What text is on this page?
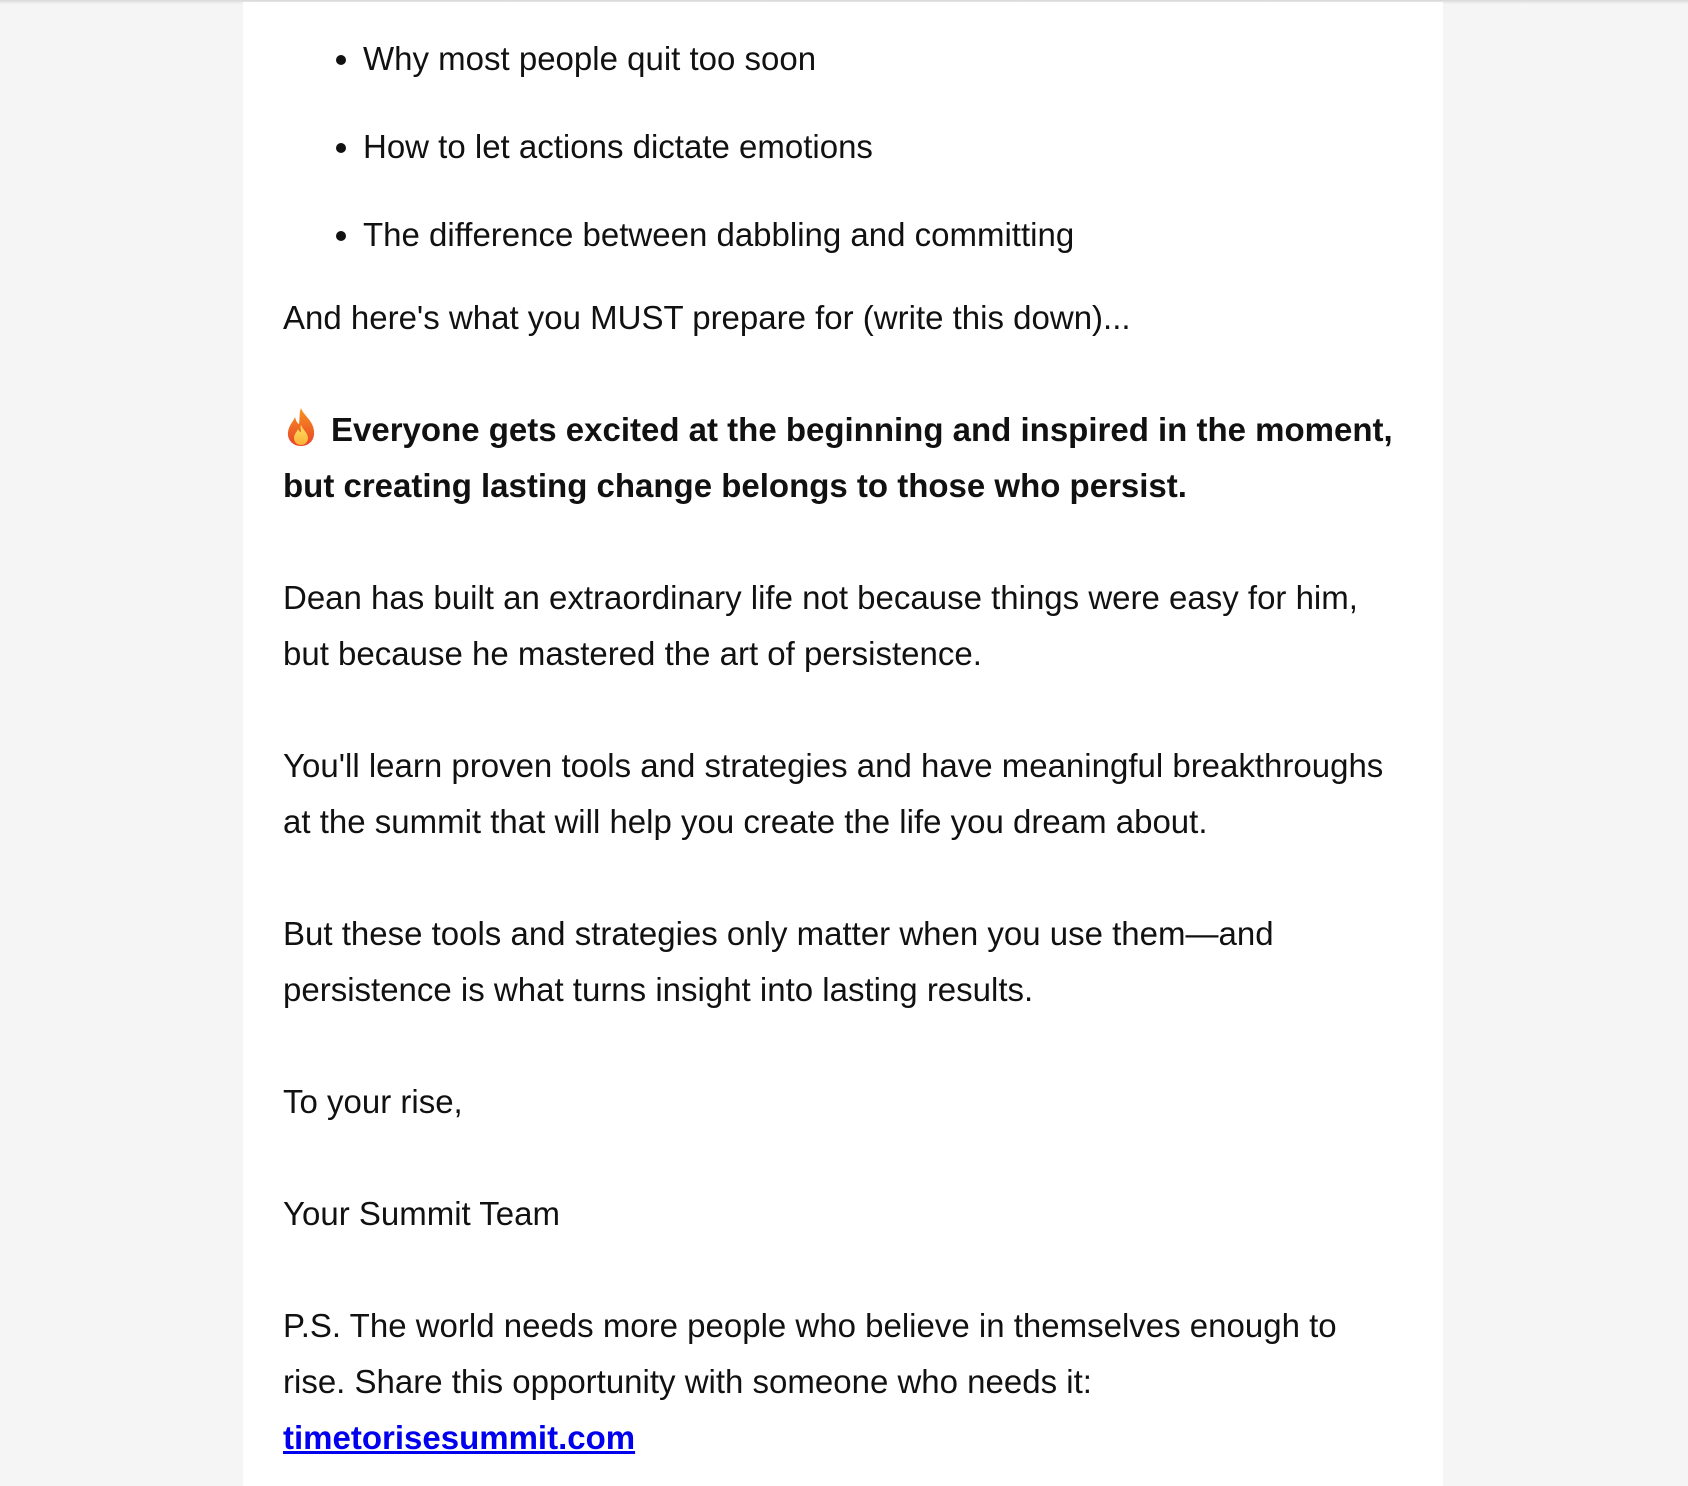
• Why most people quit too soon
• How to let actions dictate emotions
• The difference between dabbling and committing

And here's what you MUST prepare for (write this down)...

Everyone gets excited at the beginning and inspired in the moment, but creating lasting change belongs to those who persist.

Dean has built an extraordinary life not because things were easy for him, but because he mastered the art of persistence.

You'll learn proven tools and strategies and have meaningful breakthroughs at the summit that will help you create the life you dream about.

But these tools and strategies only matter when you use them—and persistence is what turns insight into lasting results.

To your rise,

Your Summit Team

P.S. The world needs more people who believe in themselves enough to rise. Share this opportunity with someone who needs it: timetorisesummit.com
